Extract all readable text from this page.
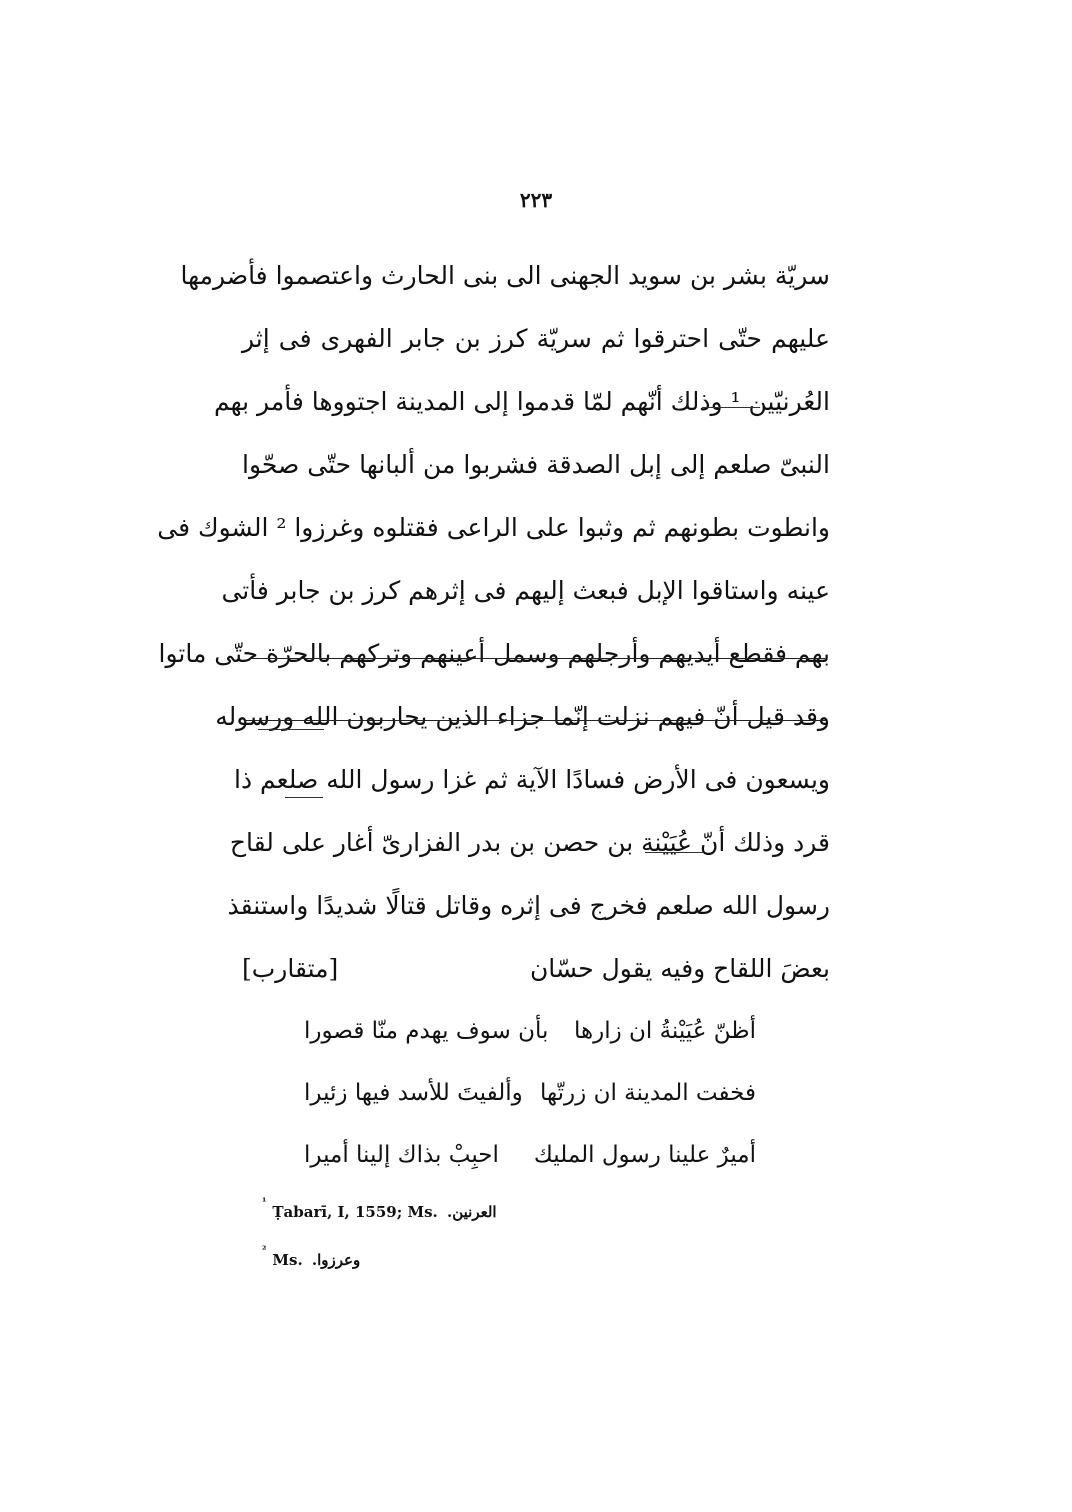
٢٢٣
سريّة بشر بن سويد الجهنى الى بنى الحارث واعتصموا فأضرمها
عليهم حتّى احترقوا ثم سريّة كرز بن جابر الفهرى فى إثر
العُرنيّين ¹ وذلك أنّهم لمّا قدموا إلى المدينة اجتووها فأمر بهم
النبىّ صلعم إلى إبل الصدقة فشربوا من ألبانها حتّى صحّوا
وانطوت بطونهم ثم وثبوا على الراعى فقتلوه وغرزوا ² الشوك فى
عينه واستاقوا الإبل فبعث إليهم فى إثرهم كرز بن جابر فأتى
بهم فقطع أيديهم وأرجلهم وسمل أعينهم وتركهم بالحرّة حتّى ماتوا
وقد قيل أنّ فيهم نزلت إنّما جزاء الذين يحاربون الله ورسوله
ويسعون فى الأرض فسادًا الآية ثم غزا رسول الله صلعم ذا
قرد وذلك أنّ عُيَيْنة بن حصن بن بدر الفزارىّ أغار على لقاح
رسول الله صلعم فخرج فى إثره وقاتل قتالًا شديدًا واستنقذ
بعضَ اللقاح وفيه يقول حسّان
[متقارب]
أظنّ عُيَيْنةُ ان زارها
بأن سوف يهدم منّا قصورا
فخفت المدينة ان زرتّها
وألفيتَ للأسد فيها زئيرا
أميرٌ علينا رسول المليك
احبِبْ بذاك إلينا أميرا
$^{^1}$Ṭabarī, I, 1559; Ms. العرنين.
$^{^2}$Ms. وعرزوا.
